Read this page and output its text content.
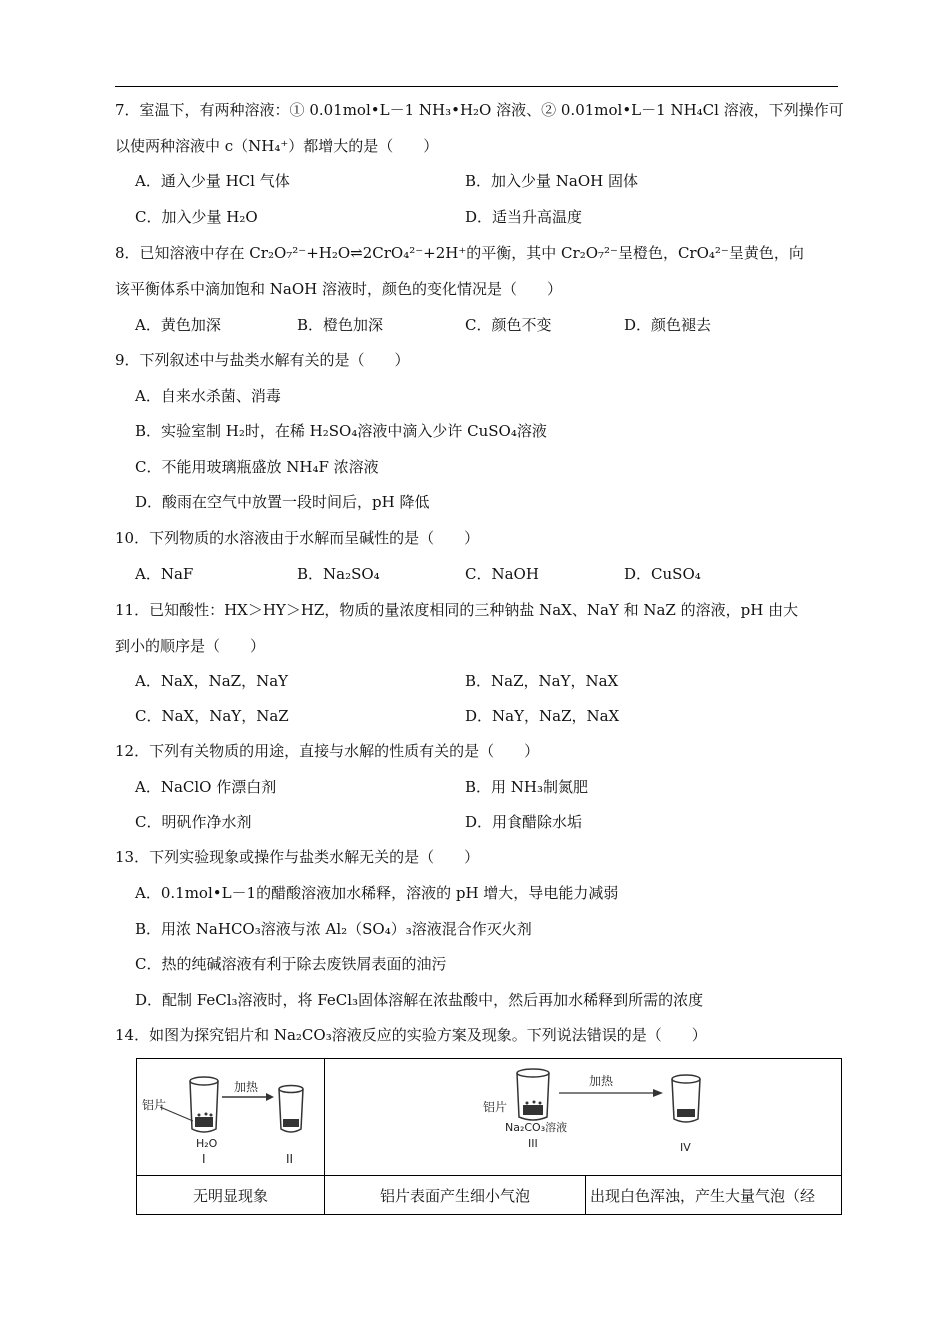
7．室温下，有两种溶液：① 0.01mol•L－1 NH₃•H₂O 溶液、② 0.01mol•L－1 NH₄Cl 溶液，下列操作可
以使两种溶液中 c（NH₄⁺）都增大的是（　　）
A．通入少量 HCl 气体	B．加入少量 NaOH 固体
C．加入少量 H₂O	D．适当升高温度
8．已知溶液中存在 Cr₂O₇²⁻+H₂O⇌2CrO₄²⁻+2H⁺的平衡，其中 Cr₂O₇²⁻呈橙色，CrO₄²⁻呈黄色，向
该平衡体系中滴加饱和 NaOH 溶液时，颜色的变化情况是（　　）
A．黄色加深	B．橙色加深	C．颜色不变	D．颜色褪去
9．下列叙述中与盐类水解有关的是（　　）
A．自来水杀菌、消毒
B．实验室制 H₂时，在稀 H₂SO₄溶液中滴入少许 CuSO₄溶液
C．不能用玻璃瓶盛放 NH₄F 浓溶液
D．酸雨在空气中放置一段时间后，pH 降低
10．下列物质的水溶液由于水解而呈碱性的是（　　）
A．NaF	B．Na₂SO₄	C．NaOH	D．CuSO₄
11．已知酸性：HX＞HY＞HZ，物质的量浓度相同的三种钠盐 NaX、NaY 和 NaZ 的溶液，pH 由大
到小的顺序是（　　）
A．NaX，NaZ，NaY	B．NaZ，NaY，NaX
C．NaX，NaY，NaZ	D．NaY，NaZ，NaX
12．下列有关物质的用途，直接与水解的性质有关的是（　　）
A．NaClO 作漂白剂	B．用 NH₃制氮肥
C．明矾作净水剂	D．用食醋除水垢
13．下列实验现象或操作与盐类水解无关的是（　　）
A．0.1mol•L－1的醋酸溶液加水稀释，溶液的 pH 增大，导电能力减弱
B．用浓 NaHCO₃溶液与浓 Al₂（SO₄）₃溶液混合作灭火剂
C．热的纯碱溶液有利于除去废铁屑表面的油污
D．配制 FeCl₃溶液时，将 FeCl₃固体溶解在浓盐酸中，然后再加水稀释到所需的浓度
14．如图为探究铝片和 Na₂CO₃溶液反应的实验方案及现象。下列说法错误的是（　　）
铝片
H₂O
I
加热
II	铝片
Na₂CO₃溶液
III
加热
IV	

无明显现象	铝片表面产生细小气泡	出现白色浑浊，产生大量气泡（经
